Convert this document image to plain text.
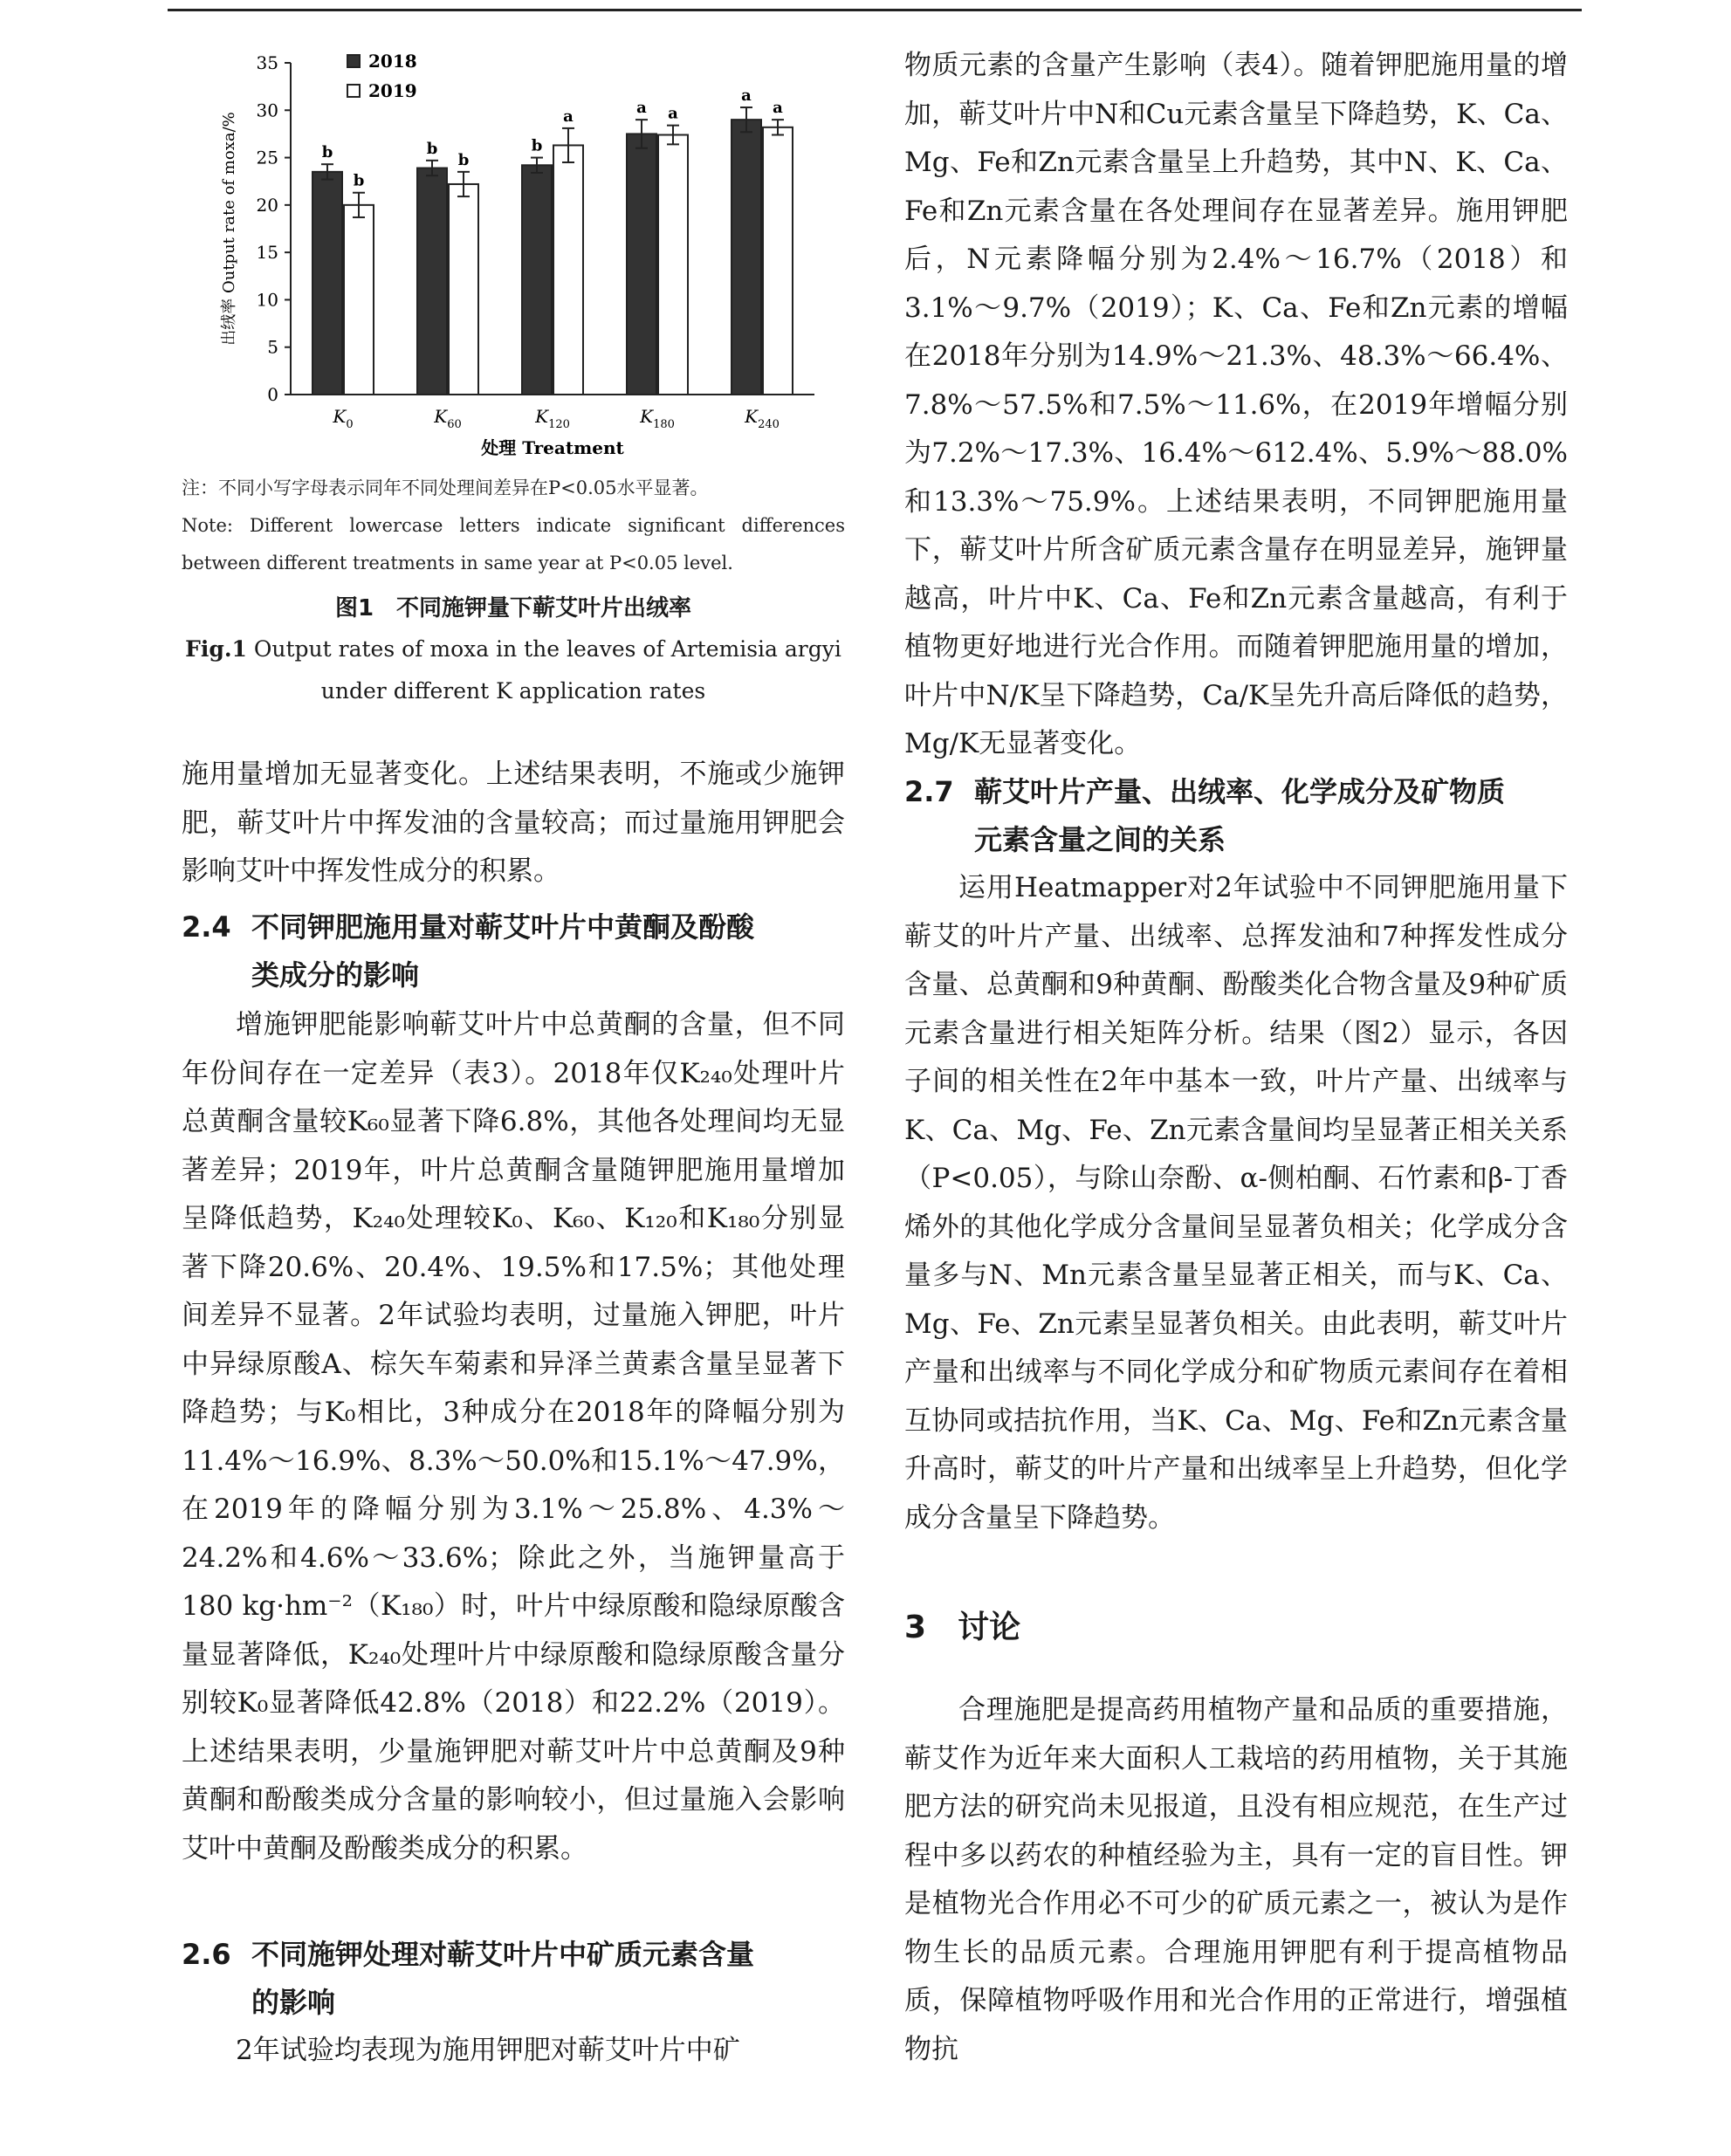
0
5
10
15
20
25
30
35
出绒率 Output rate of moxa/%	b
b
$K_0$
b
b
$K_{60}$
b
a
$K_{120}$
a a
$K_{180}$
a
a
$K_{240}$
处理 Treatment
2018
2019
注：不同小写字母表示同年不同处理间差异在P<0.05水平显著。
Note: Different lowercase letters indicate significant differences between different treatments in same year at P<0.05 level.
图1　不同施钾量下蕲艾叶片出绒率
Fig.1 Output rates of moxa in the leaves of Artemisia argyi under different K application rates

施用量增加无显著变化。上述结果表明，不施或少施钾肥，蕲艾叶片中挥发油的含量较高；而过量施用钾肥会影响艾叶中挥发性成分的积累。

2.4 不同钾肥施用量对蕲艾叶片中黄酮及酚酸
类成分的影响

增施钾肥能影响蕲艾叶片中总黄酮的含量，但不同年份间存在一定差异（表3）。2018年仅K₂₄₀处理叶片总黄酮含量较K₆₀显著下降6.8%，其他各处理间均无显著差异；2019年，叶片总黄酮含量随钾肥施用量增加呈降低趋势，K₂₄₀处理较K₀、K₆₀、K₁₂₀和K₁₈₀分别显著下降20.6%、20.4%、19.5%和17.5%；其他处理间差异不显著。2年试验均表明，过量施入钾肥，叶片中异绿原酸A、棕矢车菊素和异泽兰黄素含量呈显著下降趋势；与K₀相比，3种成分在2018年的降幅分别为11.4%～16.9%、8.3%～50.0%和15.1%～47.9%，在2019年的降幅分别为3.1%～25.8%、4.3%～24.2%和4.6%～33.6%；除此之外，当施钾量高于180 kg·hm⁻²（K₁₈₀）时，叶片中绿原酸和隐绿原酸含量显著降低，K₂₄₀处理叶片中绿原酸和隐绿原酸含量分别较K₀显著降低42.8%（2018）和22.2%（2019）。上述结果表明，少量施钾肥对蕲艾叶片中总黄酮及9种黄酮和酚酸类成分含量的影响较小，但过量施入会影响艾叶中黄酮及酚酸类成分的积累。

2.6 不同施钾处理对蕲艾叶片中矿质元素含量
的影响

2年试验均表现为施用钾肥对蕲艾叶片中矿

物质元素的含量产生影响（表4）。随着钾肥施用量的增加，蕲艾叶片中N和Cu元素含量呈下降趋势，K、Ca、Mg、Fe和Zn元素含量呈上升趋势，其中N、K、Ca、Fe和Zn元素含量在各处理间存在显著差异。施用钾肥后，N元素降幅分别为2.4%～16.7%（2018）和3.1%～9.7%（2019）；K、Ca、Fe和Zn元素的增幅在2018年分别为14.9%～21.3%、48.3%～66.4%、7.8%～57.5%和7.5%～11.6%，在2019年增幅分别为7.2%～17.3%、16.4%～612.4%、5.9%～88.0%和13.3%～75.9%。上述结果表明，不同钾肥施用量下，蕲艾叶片所含矿质元素含量存在明显差异，施钾量越高，叶片中K、Ca、Fe和Zn元素含量越高，有利于植物更好地进行光合作用。而随着钾肥施用量的增加，叶片中N/K呈下降趋势，Ca/K呈先升高后降低的趋势，Mg/K无显著变化。

2.7 蕲艾叶片产量、出绒率、化学成分及矿物质
元素含量之间的关系

运用Heatmapper对2年试验中不同钾肥施用量下蕲艾的叶片产量、出绒率、总挥发油和7种挥发性成分含量、总黄酮和9种黄酮、酚酸类化合物含量及9种矿质元素含量进行相关矩阵分析。结果（图2）显示，各因子间的相关性在2年中基本一致，叶片产量、出绒率与K、Ca、Mg、Fe、Zn元素含量间均呈显著正相关关系（P<0.05），与除山奈酚、α-侧柏酮、石竹素和β-丁香烯外的其他化学成分含量间呈显著负相关；化学成分含量多与N、Mn元素含量呈显著正相关，而与K、Ca、Mg、Fe、Zn元素呈显著负相关。由此表明，蕲艾叶片产量和出绒率与不同化学成分和矿物质元素间存在着相互协同或拮抗作用，当K、Ca、Mg、Fe和Zn元素含量升高时，蕲艾的叶片产量和出绒率呈上升趋势，但化学成分含量呈下降趋势。

3　 讨论

合理施肥是提高药用植物产量和品质的重要措施，蕲艾作为近年来大面积人工栽培的药用植物，关于其施肥方法的研究尚未见报道，且没有相应规范，在生产过程中多以药农的种植经验为主，具有一定的盲目性。钾是植物光合作用必不可少的矿质元素之一，被认为是作物生长的品质元素。合理施用钾肥有利于提高植物品质，保障植物呼吸作用和光合作用的正常进行，增强植物抗
